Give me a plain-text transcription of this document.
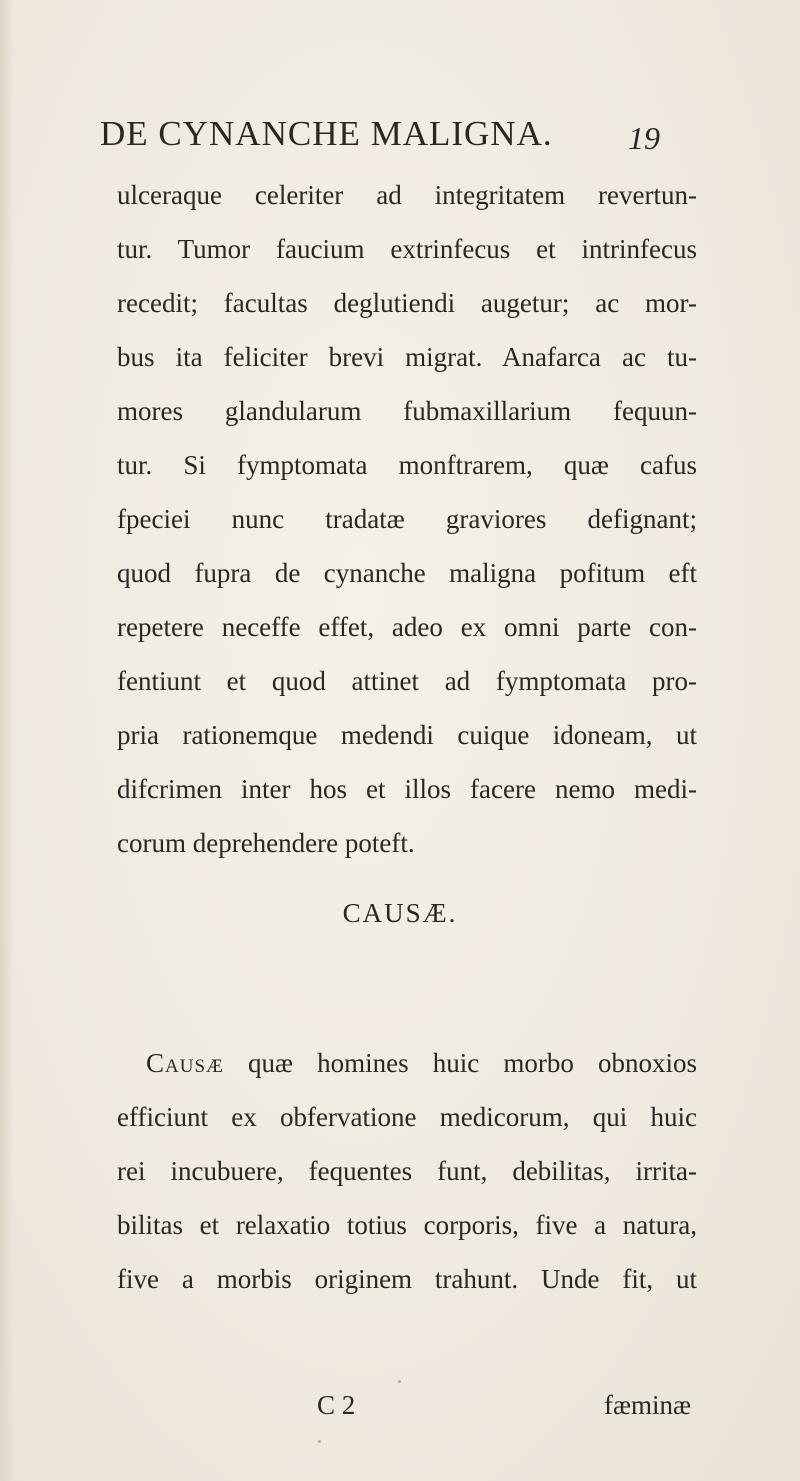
DE CYNANCHE MALIGNA. 19
ulceraque celeriter ad integritatem revertun-
tur. Tumor faucium extrinfecus et intrinfecus
recedit; facultas deglutiendi augetur; ac mor-
bus ita feliciter brevi migrat. Anafarca ac tu-
mores glandularum fubmaxillarium fequun-
tur. Si fymptomata monftrarem, quæ cafus
fpeciei nunc tradatæ graviores defignant;
quod fupra de cynanche maligna pofitum eft
repetere neceffe effet, adeo ex omni parte con-
fentiunt et quod attinet ad fymptomata pro-
pria rationemque medendi cuique idoneam, ut
difcrimen inter hos et illos facere nemo medi-
corum deprehendere poteft.
CAUSÆ.
Causæ quæ homines huic morbo obnoxios
efficiunt ex obfervatione medicorum, qui huic
rei incubuere, fequentes funt, debilitas, irrita-
bilitas et relaxatio totius corporis, five a natura,
five a morbis originem trahunt. Unde fit, ut
C 2	fæminæ
